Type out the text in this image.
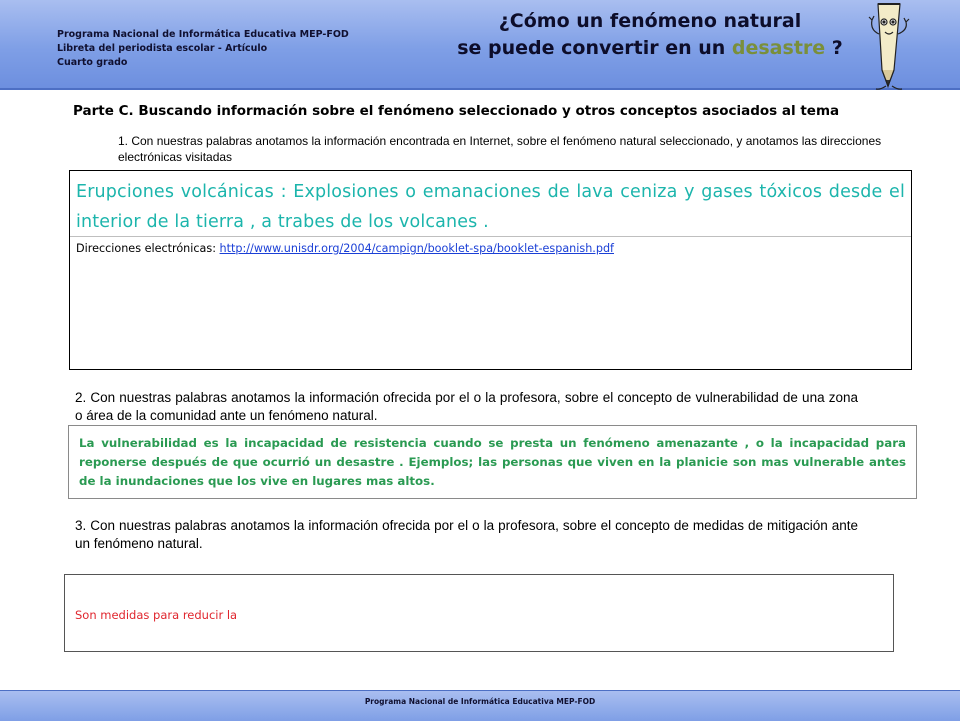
Programa Nacional de Informática Educativa MEP-FOD
Libreta del periodista escolar - Artículo
Cuarto grado
¿Cómo un fenómeno natural
se puede convertir en un desastre ?
Parte C. Buscando información sobre el fenómeno seleccionado y otros conceptos asociados al tema
1. Con nuestras palabras anotamos la información encontrada en Internet, sobre el fenómeno natural seleccionado, y anotamos las direcciones electrónicas visitadas
Erupciones volcánicas : Explosiones o emanaciones de lava ceniza y gases tóxicos desde el interior de la tierra , a trabes de los volcanes .
Direcciones electrónicas: http://www.unisdr.org/2004/campign/booklet-spa/booklet-espanish.pdf
2. Con nuestras palabras anotamos la información ofrecida por el o la profesora, sobre el concepto de vulnerabilidad de una zona o área de la comunidad ante un fenómeno natural.
La vulnerabilidad es la incapacidad de resistencia cuando se presta un fenómeno amenazante , o la incapacidad para reponerse después de que ocurrió un desastre . Ejemplos; las personas que viven en la planicie son mas vulnerable antes de la inundaciones que los vive en lugares mas altos.
3. Con nuestras palabras anotamos la información ofrecida por el o la profesora, sobre el concepto de medidas de mitigación ante un fenómeno natural.
Son medidas para reducir la
Programa Nacional de Informática Educativa MEP-FOD
